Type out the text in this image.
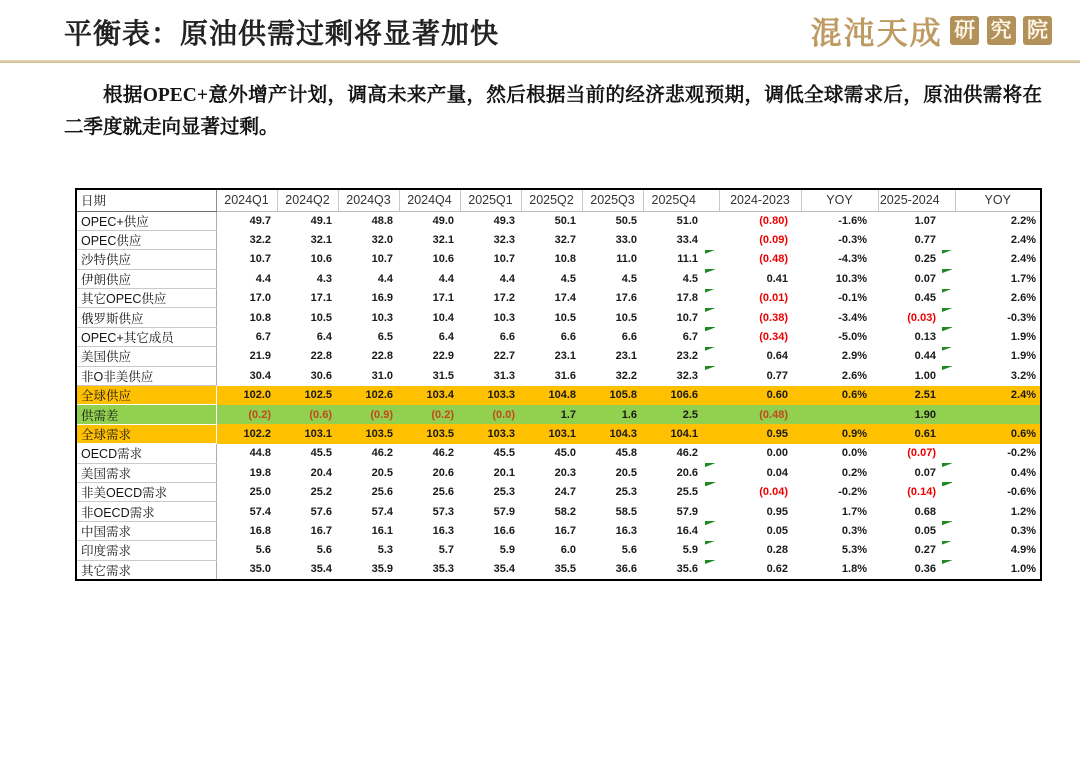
平衡表：原油供需过剩将显著加快	混沌天成 研 究 院

根据OPEC+意外增产计划，调高未来产量，然后根据当前的经济悲观预期，调低全球需求后，原油供需将在二季度就走向显著过剩。

日期	2024Q1	2024Q2	2024Q3	2024Q4	2025Q1	2025Q2	2025Q3	2025Q4		2024-2023	YOY	2025-2024		YOY
OPEC+供应	49.7	49.1	48.8	49.0	49.3	50.1	50.5	51.0		(0.80)	-1.6%	1.07		2.2%
OPEC供应	32.2	32.1	32.0	32.1	32.3	32.7	33.0	33.4		(0.09)	-0.3%	0.77		2.4%
沙特供应	10.7	10.6	10.7	10.6	10.7	10.8	11.0	11.1		(0.48)	-4.3%	0.25		2.4%
伊朗供应	4.4	4.3	4.4	4.4	4.4	4.5	4.5	4.5		0.41	10.3%	0.07		1.7%
其它OPEC供应	17.0	17.1	16.9	17.1	17.2	17.4	17.6	17.8		(0.01)	-0.1%	0.45		2.6%
俄罗斯供应	10.8	10.5	10.3	10.4	10.3	10.5	10.5	10.7		(0.38)	-3.4%	(0.03)		-0.3%
OPEC+其它成员	6.7	6.4	6.5	6.4	6.6	6.6	6.6	6.7		(0.34)	-5.0%	0.13		1.9%
美国供应	21.9	22.8	22.8	22.9	22.7	23.1	23.1	23.2		0.64	2.9%	0.44		1.9%
非O非美供应	30.4	30.6	31.0	31.5	31.3	31.6	32.2	32.3		0.77	2.6%	1.00		3.2%
全球供应	102.0	102.5	102.6	103.4	103.3	104.8	105.8	106.6		0.60	0.6%	2.51		2.4%
供需差	(0.2)	(0.6)	(0.9)	(0.2)	(0.0)	1.7	1.6	2.5		(0.48)		1.90		
全球需求	102.2	103.1	103.5	103.5	103.3	103.1	104.3	104.1		0.95	0.9%	0.61		0.6%
OECD需求	44.8	45.5	46.2	46.2	45.5	45.0	45.8	46.2		0.00	0.0%	(0.07)		-0.2%
美国需求	19.8	20.4	20.5	20.6	20.1	20.3	20.5	20.6		0.04	0.2%	0.07		0.4%
非美OECD需求	25.0	25.2	25.6	25.6	25.3	24.7	25.3	25.5		(0.04)	-0.2%	(0.14)		-0.6%
非OECD需求	57.4	57.6	57.4	57.3	57.9	58.2	58.5	57.9		0.95	1.7%	0.68		1.2%
中国需求	16.8	16.7	16.1	16.3	16.6	16.7	16.3	16.4		0.05	0.3%	0.05		0.3%
印度需求	5.6	5.6	5.3	5.7	5.9	6.0	5.6	5.9		0.28	5.3%	0.27		4.9%
其它需求	35.0	35.4	35.9	35.3	35.4	35.5	36.6	35.6		0.62	1.8%	0.36		1.0%
